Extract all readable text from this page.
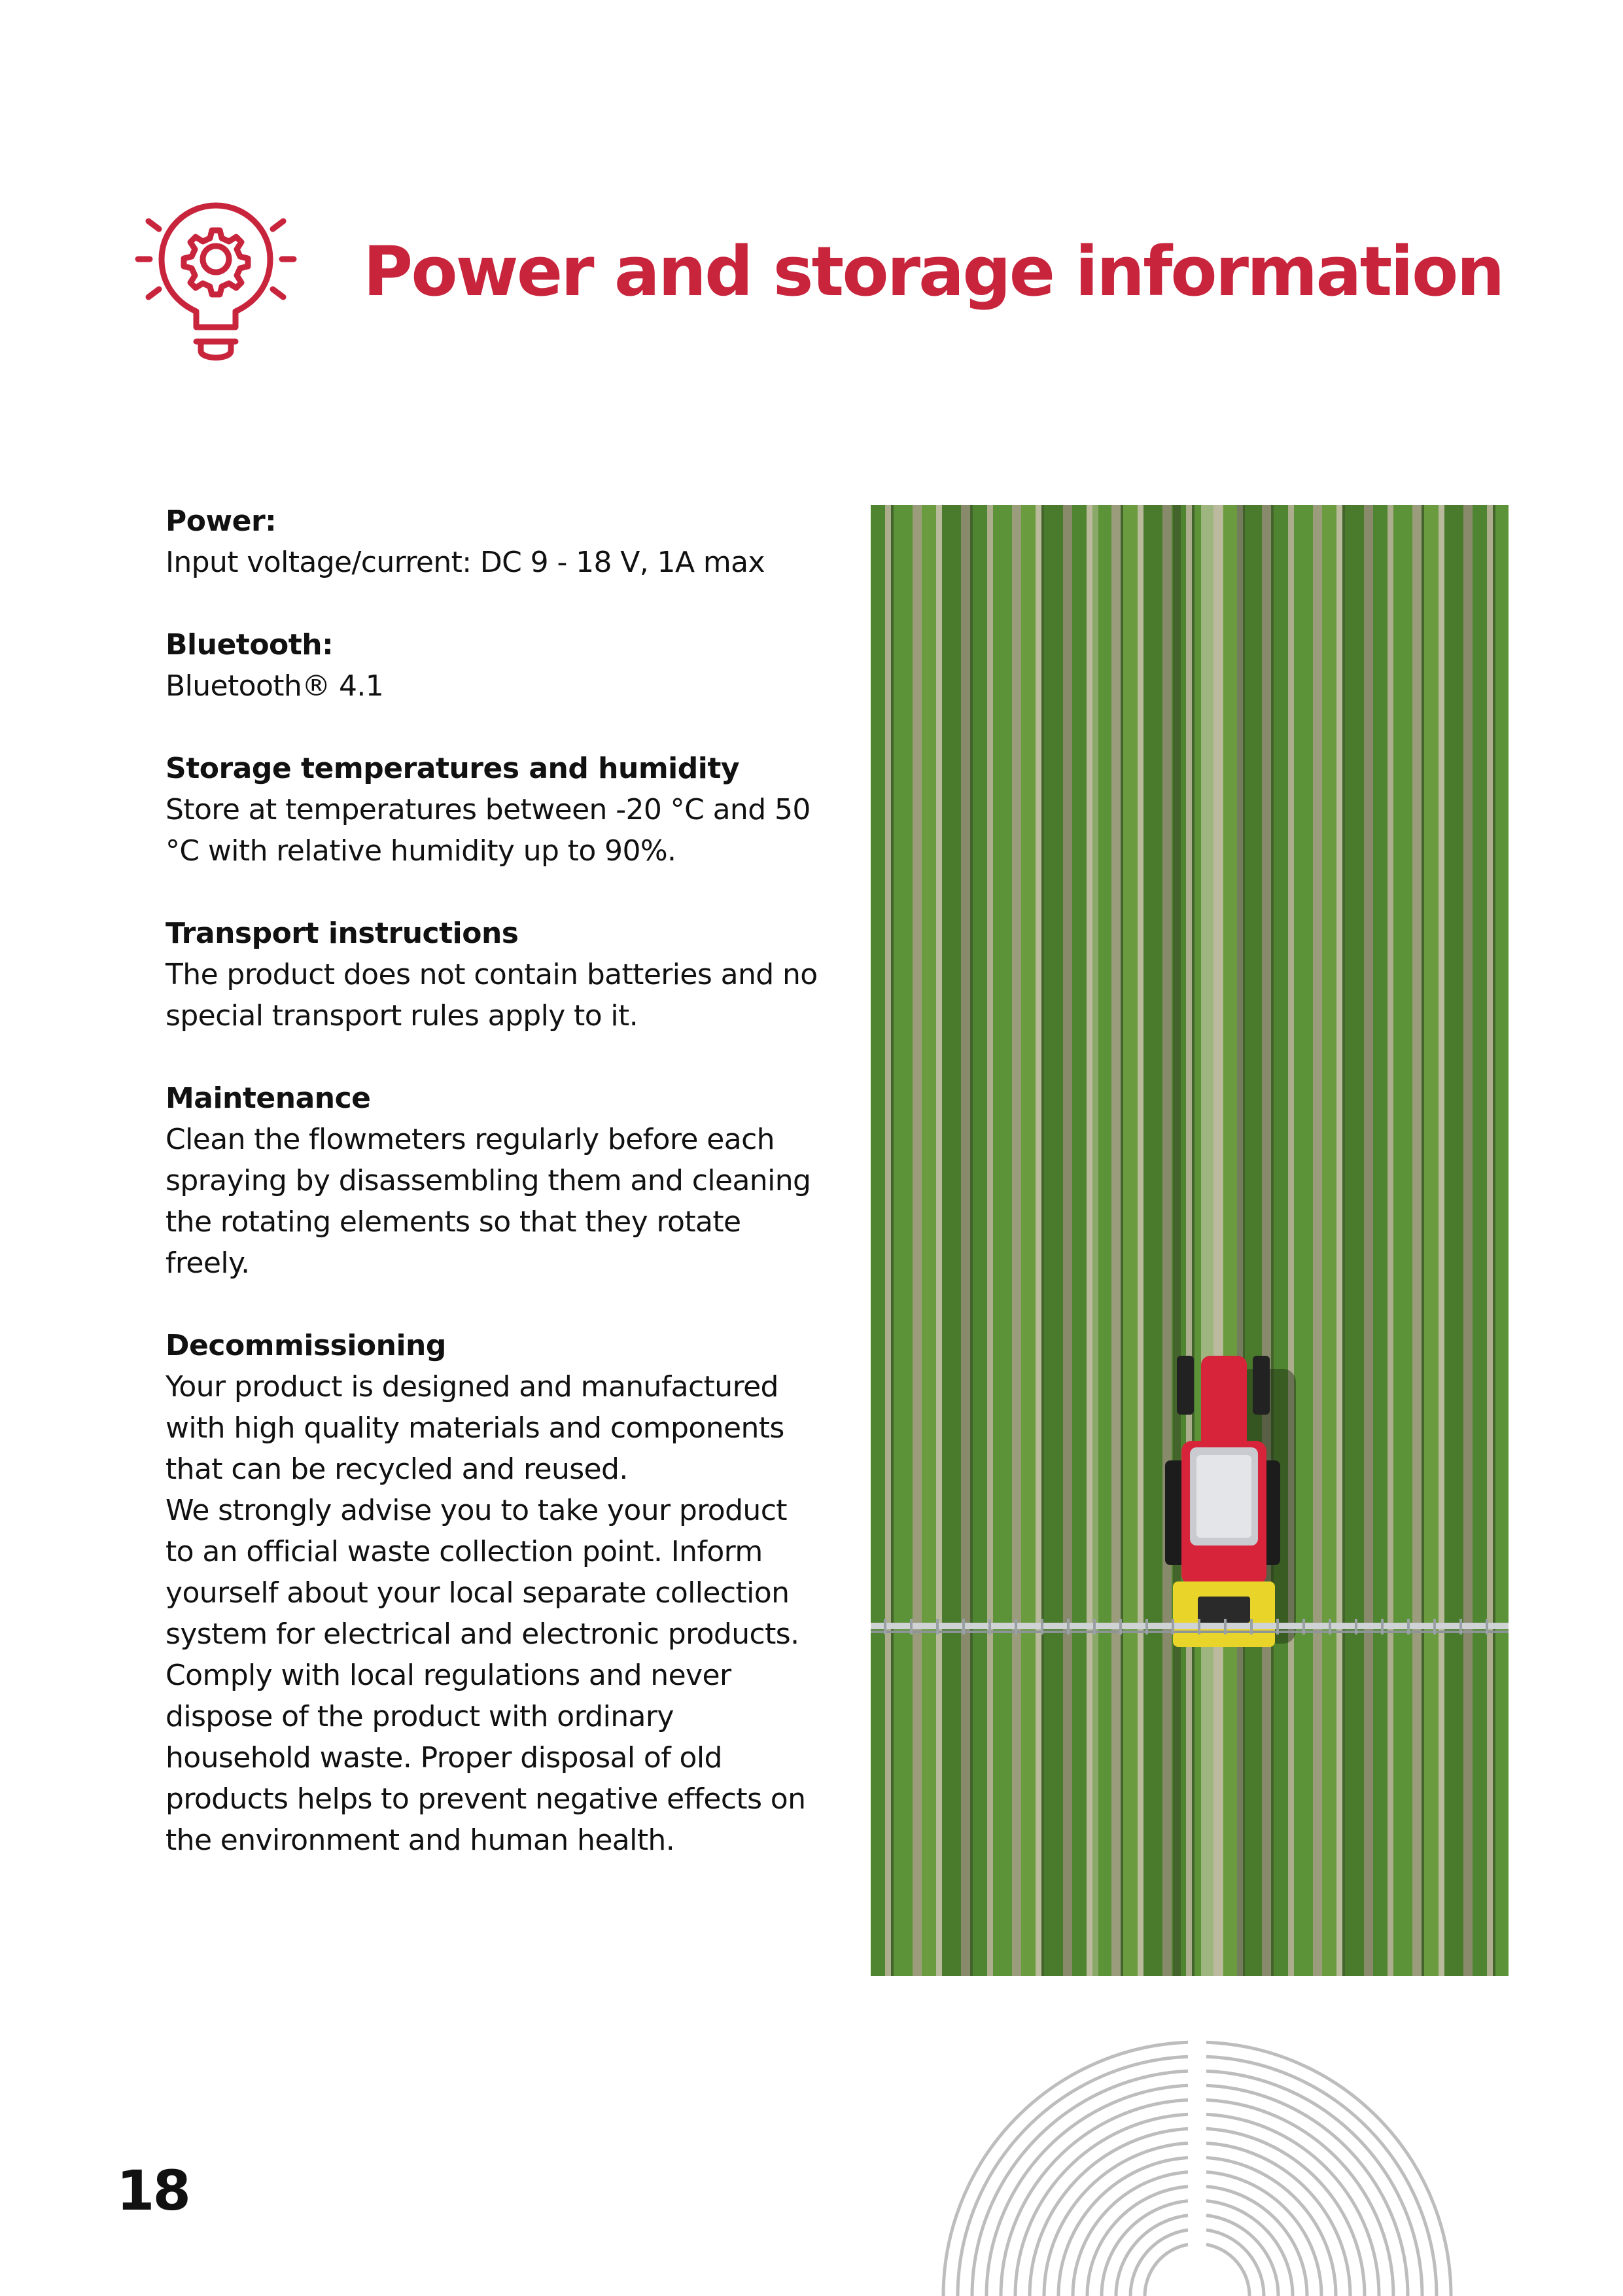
Power and storage information
Power:

Input voltage/current: DC 9 - 18 V, 1A max

Bluetooth:

Bluetooth® 4.1

Storage temperatures and humidity

Store at temperatures between -20 °C and 50 °C with relative humidity up to 90%.

Transport instructions

The product does not contain batteries and no special transport rules apply to it.

Maintenance

Clean the flowmeters regularly before each spraying by disassembling them and cleaning the rotating elements so that they rotate freely.

Decommissioning

Your product is designed and manufactured with high quality materials and components that can be recycled and reused.

We strongly advise you to take your product to an official waste collection point. Inform yourself about your local separate collection system for electrical and electronic products. Comply with local regulations and never dispose of the product with ordinary household waste. Proper disposal of old products helps to prevent negative effects on the environment and human health.

18
